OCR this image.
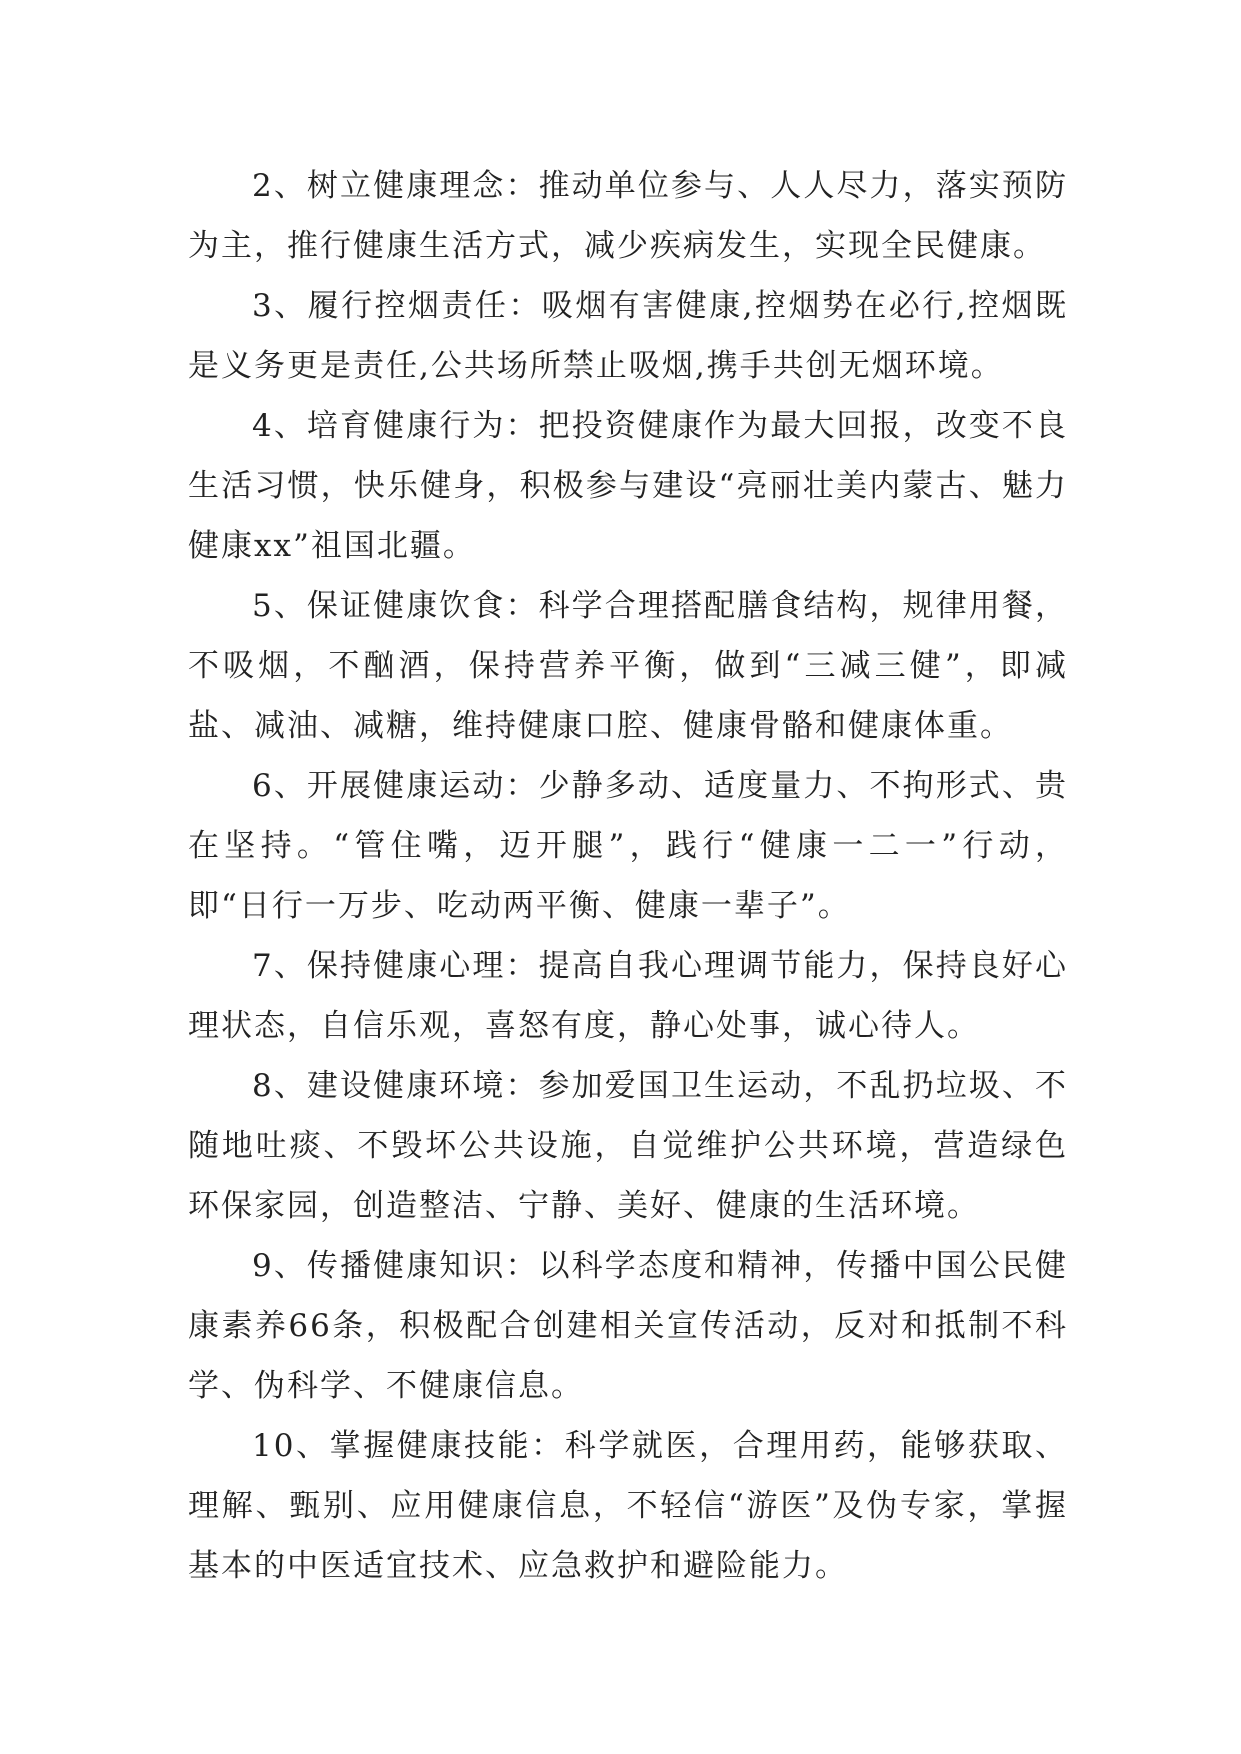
2、树立健康理念：推动单位参与、人人尽力，落实预防为主，推行健康生活方式，减少疾病发生，实现全民健康。

3、履行控烟责任：吸烟有害健康,控烟势在必行,控烟既是义务更是责任,公共场所禁止吸烟,携手共创无烟环境。

4、培育健康行为：把投资健康作为最大回报，改变不良生活习惯，快乐健身，积极参与建设“亮丽壮美内蒙古、魅力健康xx”祖国北疆。

5、保证健康饮食：科学合理搭配膳食结构，规律用餐，不吸烟，不酗酒，保持营养平衡，做到“三减三健”，即减盐、减油、减糖，维持健康口腔、健康骨骼和健康体重。

6、开展健康运动：少静多动、适度量力、不拘形式、贵在坚持。“管住嘴，迈开腿”，践行“健康一二一”行动，即“日行一万步、吃动两平衡、健康一辈子”。

7、保持健康心理：提高自我心理调节能力，保持良好心理状态，自信乐观，喜怒有度，静心处事，诚心待人。

8、建设健康环境：参加爱国卫生运动，不乱扔垃圾、不随地吐痰、不毁坏公共设施，自觉维护公共环境，营造绿色环保家园，创造整洁、宁静、美好、健康的生活环境。

9、传播健康知识：以科学态度和精神，传播中国公民健康素养66条，积极配合创建相关宣传活动，反对和抵制不科学、伪科学、不健康信息。

10、掌握健康技能：科学就医，合理用药，能够获取、理解、甄别、应用健康信息，不轻信“游医”及伪专家，掌握基本的中医适宜技术、应急救护和避险能力。
